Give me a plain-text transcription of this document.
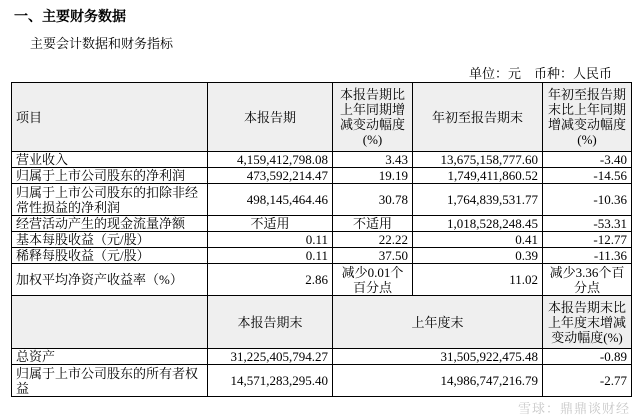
一、主要财务数据
主要会计数据和财务指标
单位：元　币种：人民币
项目	本报告期	本报告期比上年同期增减变动幅度(%)	年初至报告期末	年初至报告期末比上年同期增减变动幅度(%)
营业收入	4,159,412,798.08	3.43	13,675,158,777.60	-3.40
归属于上市公司股东的净利润	473,592,214.47	19.19	1,749,411,860.52	-14.56
归属于上市公司股东的扣除非经常性损益的净利润	498,145,464.46	30.78	1,764,839,531.77	-10.36
经营活动产生的现金流量净额	不适用	不适用	1,018,528,248.45	-53.31
基本每股收益（元/股）	0.11	22.22	0.41	-12.77
稀释每股收益（元/股）	0.11	37.50	0.39	-11.36
加权平均净资产收益率（%）	2.86	减少0.01个百分点	11.02	减少3.36个百分点
	本报告期末	上年度末		本报告期末比上年度末增减变动幅度(%)
总资产	31,225,405,794.27	31,505,922,475.48		-0.89
归属于上市公司股东的所有者权益	14,571,283,295.40	14,986,747,216.79		-2.77
雪球：鼎鼎谈财经
